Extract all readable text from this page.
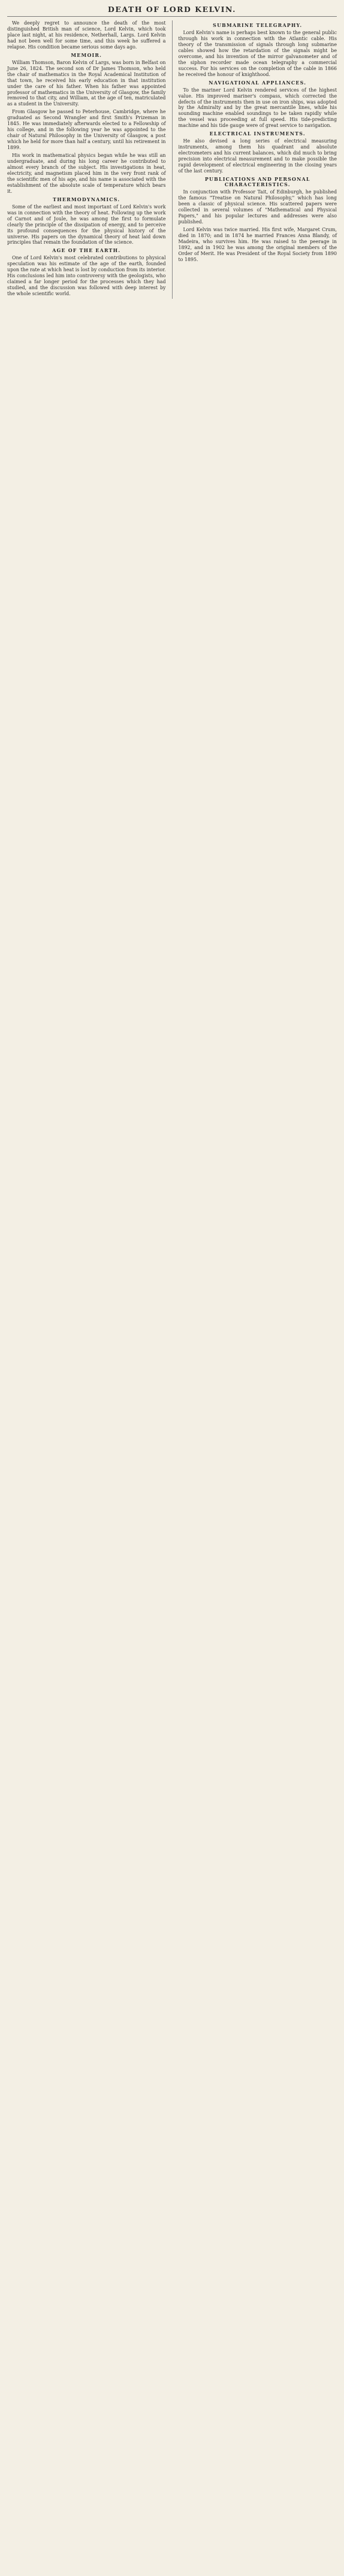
DEATH OF LORD KELVIN.

We deeply regret to announce the death of the most distinguished British man of science, Lord Kelvin, which took place last night, at his residence, Netherhall, Largs. Lord Kelvin had not been well for some time, and this week he suffered a relapse. His condition became serious some days ago.

MEMOIR.

William Thomson, Baron Kelvin of Largs, was born in Belfast on June 26, 1824. The second son of Dr James Thomson, who held the chair of mathematics in the Royal Academical Institution of that town, he received his early education in that institution under the care of his father. When his father was appointed professor of mathematics in the University of Glasgow, the family removed to that city, and William, at the age of ten, matriculated as a student in the University.

From Glasgow he passed to Peterhouse, Cambridge, where he graduated as Second Wrangler and first Smith's Prizeman in 1845. He was immediately afterwards elected to a Fellowship of his college, and in the following year he was appointed to the chair of Natural Philosophy in the University of Glasgow, a post which he held for more than half a century, until his retirement in 1899.

His work in mathematical physics began while he was still an undergraduate, and during his long career he contributed to almost every branch of the subject. His investigations in heat, electricity, and magnetism placed him in the very front rank of the scientific men of his age, and his name is associated with the establishment of the absolute scale of temperature which bears it.

THERMODYNAMICS.

Some of the earliest and most important of Lord Kelvin's work was in connection with the theory of heat. Following up the work of Carnot and of Joule, he was among the first to formulate clearly the principle of the dissipation of energy, and to perceive its profound consequences for the physical history of the universe. His papers on the dynamical theory of heat laid down principles that remain the foundation of the science.

AGE OF THE EARTH.

One of Lord Kelvin's most celebrated contributions to physical speculation was his estimate of the age of the earth, founded upon the rate at which heat is lost by conduction from its interior. His conclusions led him into controversy with the geologists, who claimed a far longer period for the processes which they had studied, and the discussion was followed with deep interest by the whole scientific world.

SUBMARINE TELEGRAPHY.

Lord Kelvin's name is perhaps best known to the general public through his work in connection with the Atlantic cable. His theory of the transmission of signals through long submarine cables showed how the retardation of the signals might be overcome, and his invention of the mirror galvanometer and of the siphon recorder made ocean telegraphy a commercial success. For his services on the completion of the cable in 1866 he received the honour of knighthood.

NAVIGATIONAL APPLIANCES.

To the mariner Lord Kelvin rendered services of the highest value. His improved mariner's compass, which corrected the defects of the instruments then in use on iron ships, was adopted by the Admiralty and by the great mercantile lines, while his sounding machine enabled soundings to be taken rapidly while the vessel was proceeding at full speed. His tide-predicting machine and his tide gauge were of great service to navigation.

ELECTRICAL INSTRUMENTS.

He also devised a long series of electrical measuring instruments, among them his quadrant and absolute electrometers and his current balances, which did much to bring precision into electrical measurement and to make possible the rapid development of electrical engineering in the closing years of the last century.

PUBLICATIONS AND PERSONAL CHARACTERISTICS.

In conjunction with Professor Tait, of Edinburgh, he published the famous "Treatise on Natural Philosophy," which has long been a classic of physical science. His scattered papers were collected in several volumes of "Mathematical and Physical Papers," and his popular lectures and addresses were also published.

Lord Kelvin was twice married. His first wife, Margaret Crum, died in 1870; and in 1874 he married Frances Anna Blandy, of Madeira, who survives him. He was raised to the peerage in 1892, and in 1902 he was among the original members of the Order of Merit. He was President of the Royal Society from 1890 to 1895.
